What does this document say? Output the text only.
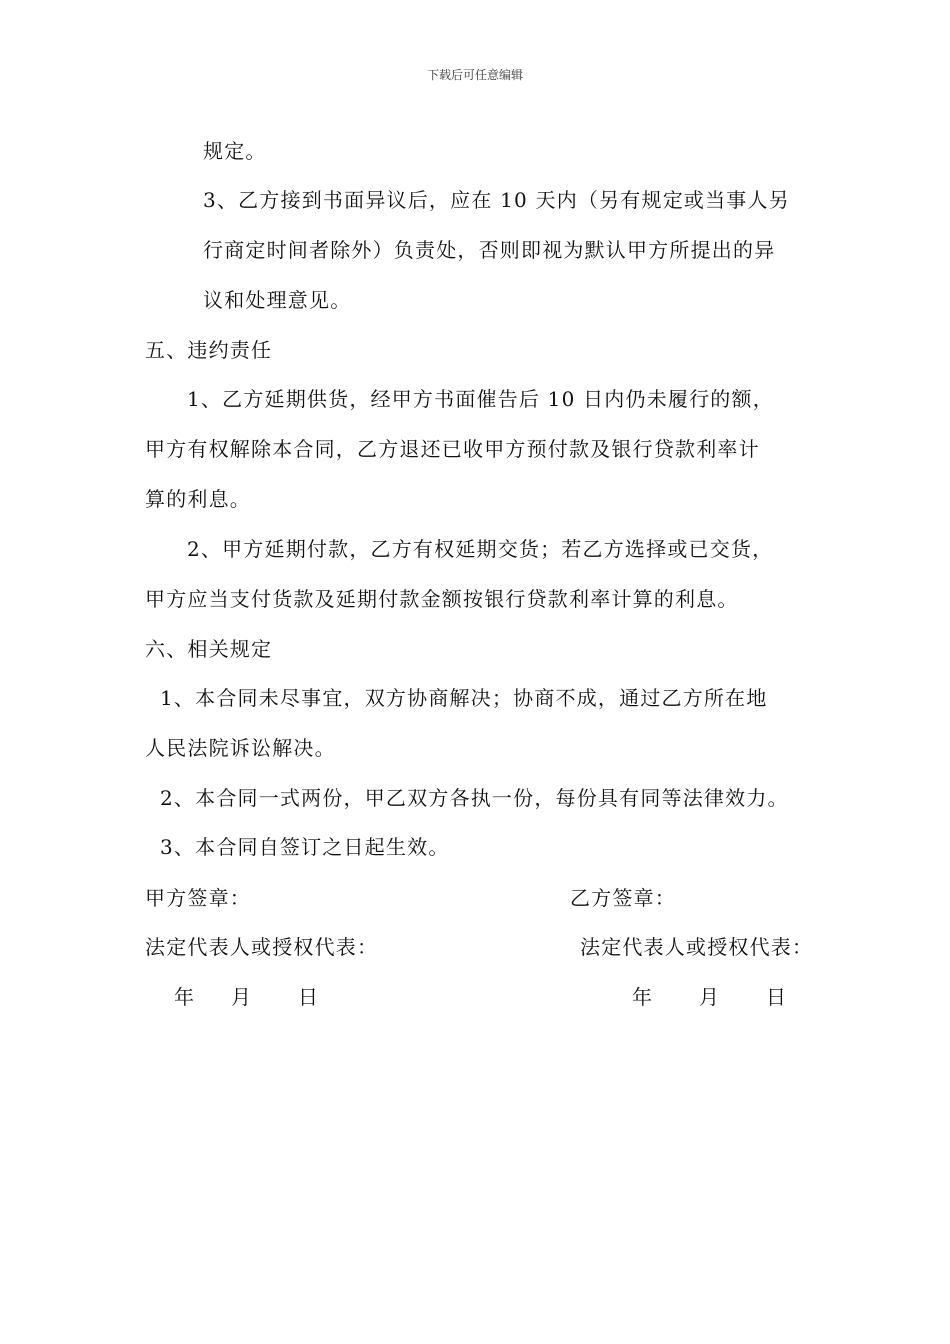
下载后可任意编辑
规定。
3、乙方接到书面异议后，应在 10 天内（另有规定或当事人另
行商定时间者除外）负责处，否则即视为默认甲方所提出的异
议和处理意见。
五、违约责任
1、乙方延期供货，经甲方书面催告后 10 日内仍未履行的额，
甲方有权解除本合同，乙方退还已收甲方预付款及银行贷款利率计
算的利息。
2、甲方延期付款，乙方有权延期交货；若乙方选择或已交货，
甲方应当支付货款及延期付款金额按银行贷款利率计算的利息。
六、相关规定
1、本合同未尽事宜，双方协商解决；协商不成，通过乙方所在地
人民法院诉讼解决。
2、本合同一式两份，甲乙双方各执一份，每份具有同等法律效力。
3、本合同自签订之日起生效。
甲方签章：	乙方签章：
法定代表人或授权代表：	法定代表人或授权代表：
年 月 日	年 月 日
